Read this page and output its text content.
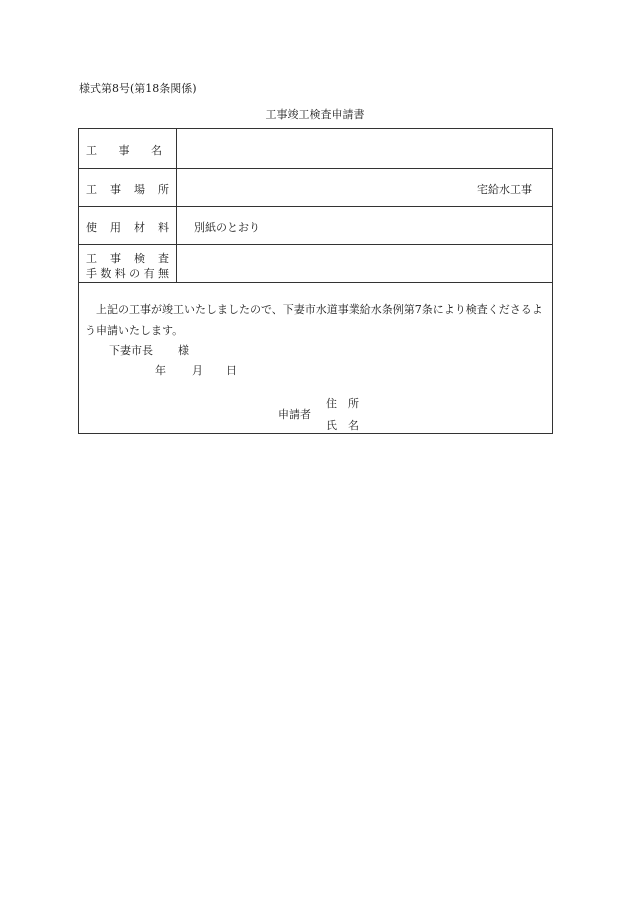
様式第8号(第18条関係)
工事竣工検査申請書
工 事 名
工 事 場 所	宅給水工事
使 用 材 料 別紙のとおり
工 事 検 査
手 数 料 の 有 無
上記の工事が竣工いたしましたので、下妻市水道事業給水条例第7条により検査くださるよう申請いたします。
下妻市長 様
年 月 日
申請者
住　所
氏　名
